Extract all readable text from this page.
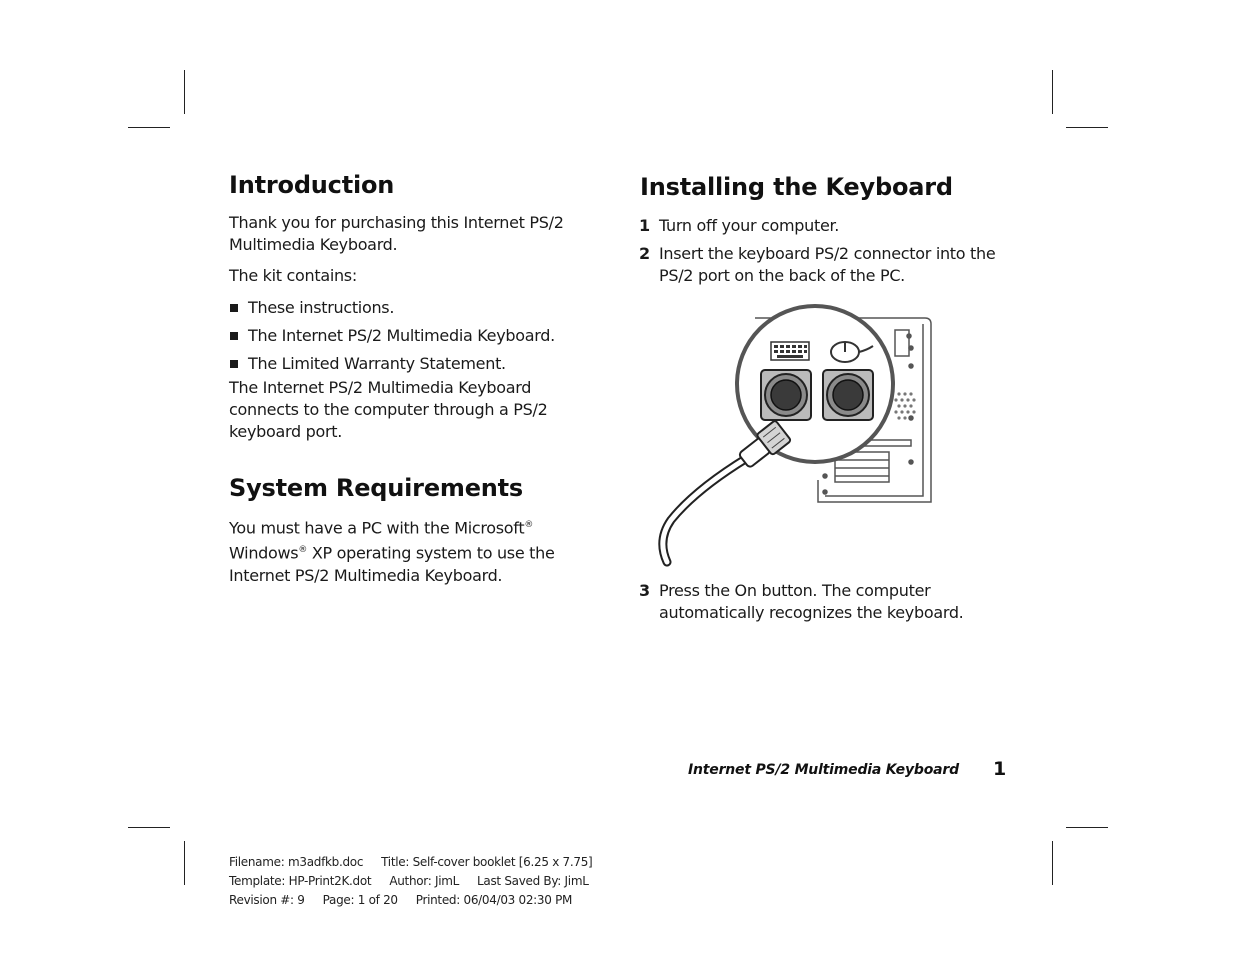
Introduction

Thank you for purchasing this Internet PS/2 Multimedia Keyboard.

The kit contains:

These instructions.
The Internet PS/2 Multimedia Keyboard.
The Limited Warranty Statement.

The Internet PS/2 Multimedia Keyboard connects to the computer through a PS/2 keyboard port.

System Requirements

You must have a PC with the Microsoft®
Windows® XP operating system to use the
Internet PS/2 Multimedia Keyboard.

Installing the Keyboard
1 Turn off your computer.
2 Insert the keyboard PS/2 connector into the PS/2 port on the back of the PC.
3 Press the On button. The computer automatically recognizes the keyboard.
Internet PS/2 Multimedia Keyboard 1
Filename: m3adfkb.doc Title: Self-cover booklet [6.25 x 7.75]
Template: HP-Print2K.dot Author: JimL Last Saved By: JimL
Revision #: 9 Page: 1 of 20 Printed: 06/04/03 02:30 PM
